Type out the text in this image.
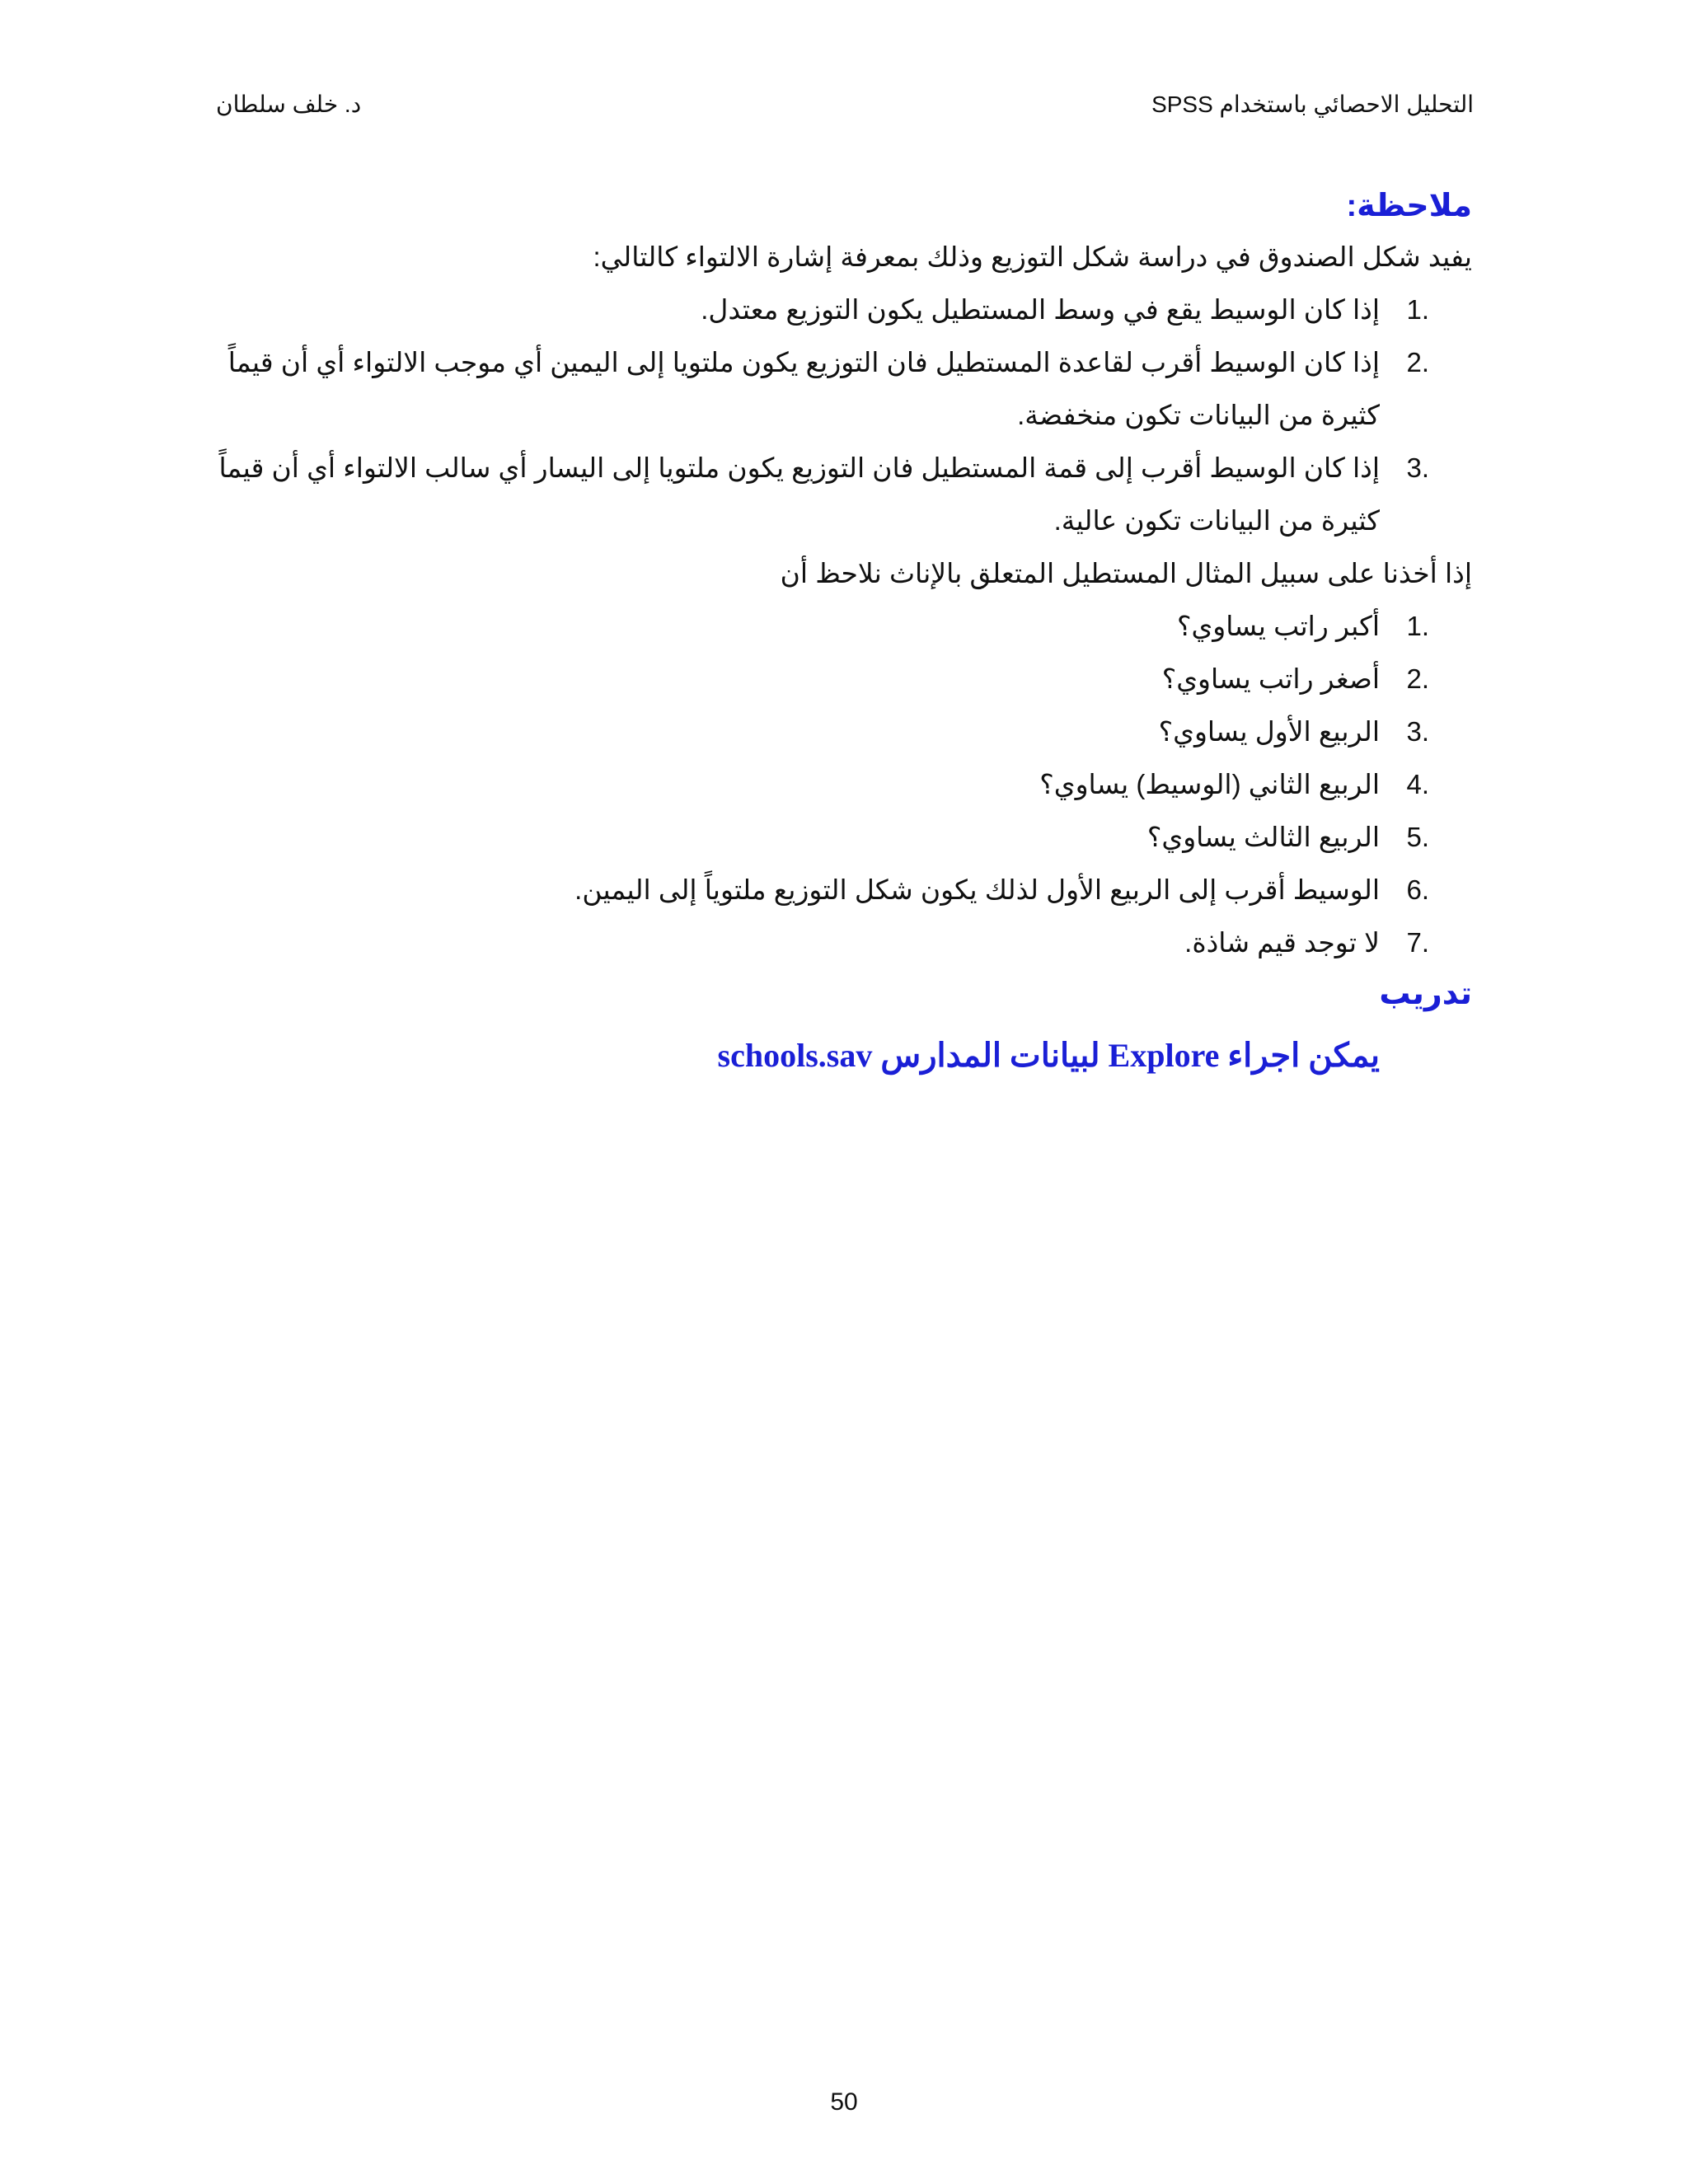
د. خلف سلطان	التحليل الاحصائي باستخدام SPSS

ملاحظة:

يفيد شكل الصندوق في دراسة شكل التوزيع وذلك بمعرفة إشارة الالتواء كالتالي:

1.
إذا كان الوسيط يقع في وسط المستطيل يكون التوزيع معتدل.
2.
إذا كان الوسيط أقرب لقاعدة المستطيل فان التوزيع يكون ملتويا إلى اليمين أي موجب الالتواء أي أن قيماً كثيرة من البيانات تكون منخفضة.
3.
إذا كان الوسيط أقرب إلى قمة المستطيل فان التوزيع يكون ملتويا إلى اليسار أي سالب الالتواء أي أن قيماً كثيرة من البيانات تكون عالية.

إذا أخذنا على سبيل المثال المستطيل المتعلق بالإناث نلاحظ أن

1.
أكبر راتب يساوي؟
2.
أصغر راتب يساوي؟
3.
الربيع الأول يساوي؟
4.
الربيع الثاني (الوسيط) يساوي؟
5.
الربيع الثالث يساوي؟
6.
الوسيط أقرب إلى الربيع الأول لذلك يكون شكل التوزيع ملتوياً إلى اليمين.
7.
لا توجد قيم شاذة.

تدريب

يمكن اجراء Explore لبيانات المدارس schools.sav
50
